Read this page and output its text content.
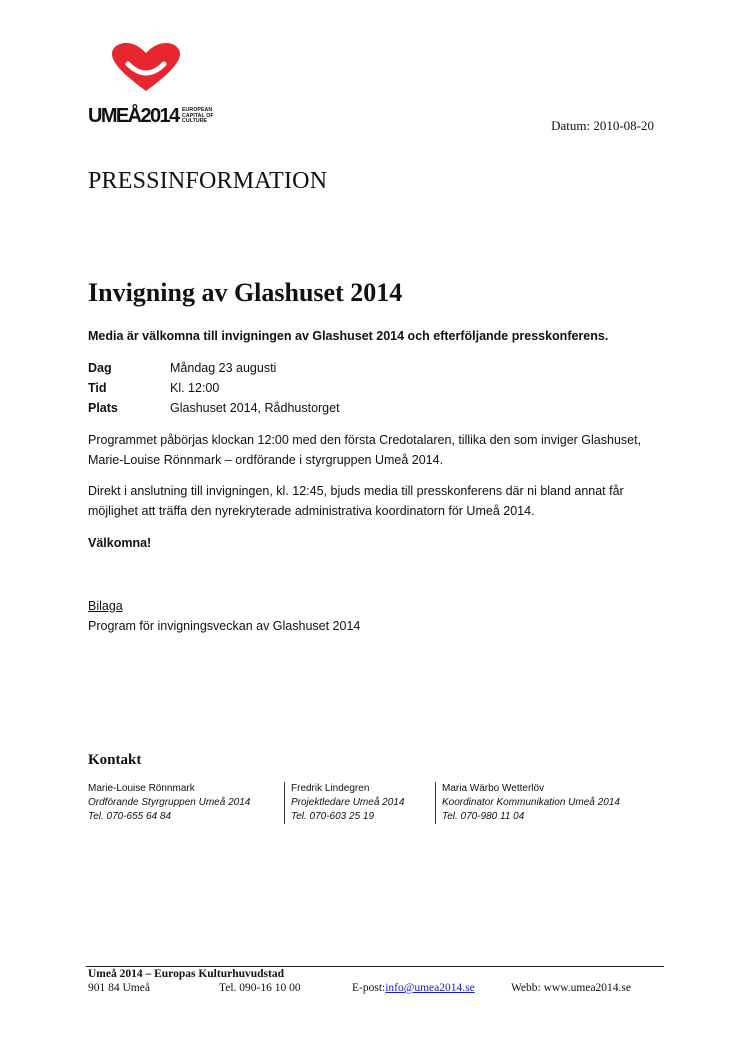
UMEÅ2014 EUROPEAN
CAPITAL OF
CULTURE	Datum: 2010-08-20
PRESSINFORMATION
Invigning av Glashuset 2014
Media är välkomna till invigningen av Glashuset 2014 och efterföljande presskonferens.
Dag	Måndag 23 augusti
Tid	Kl. 12:00
Plats	Glashuset 2014, Rådhustorget
Programmet påbörjas klockan 12:00 med den första Credotalaren, tillika den som inviger Glashuset, Marie-Louise Rönnmark – ordförande i styrgruppen Umeå 2014.
Direkt i anslutning till invigningen, kl. 12:45, bjuds media till presskonferens där ni bland annat får möjlighet att träffa den nyrekryterade administrativa koordinatorn för Umeå 2014.
Välkomna!
Bilaga
Program för invigningsveckan av Glashuset 2014
Kontakt
Marie-Louise Rönnmark
Ordförande Styrgruppen Umeå 2014
Tel. 070-655 64 84
Fredrik Lindegren
Projektledare Umeå 2014
Tel. 070-603 25 19
Maria Wärbo Wetterlöv
Koordinator Kommunikation Umeå 2014
Tel. 070-980 11 04
Umeå 2014 – Europas Kulturhuvudstad
901 84 Umeå	Tel. 090-16 10 00	E-post:info@umea2014.se	Webb: www.umea2014.se
